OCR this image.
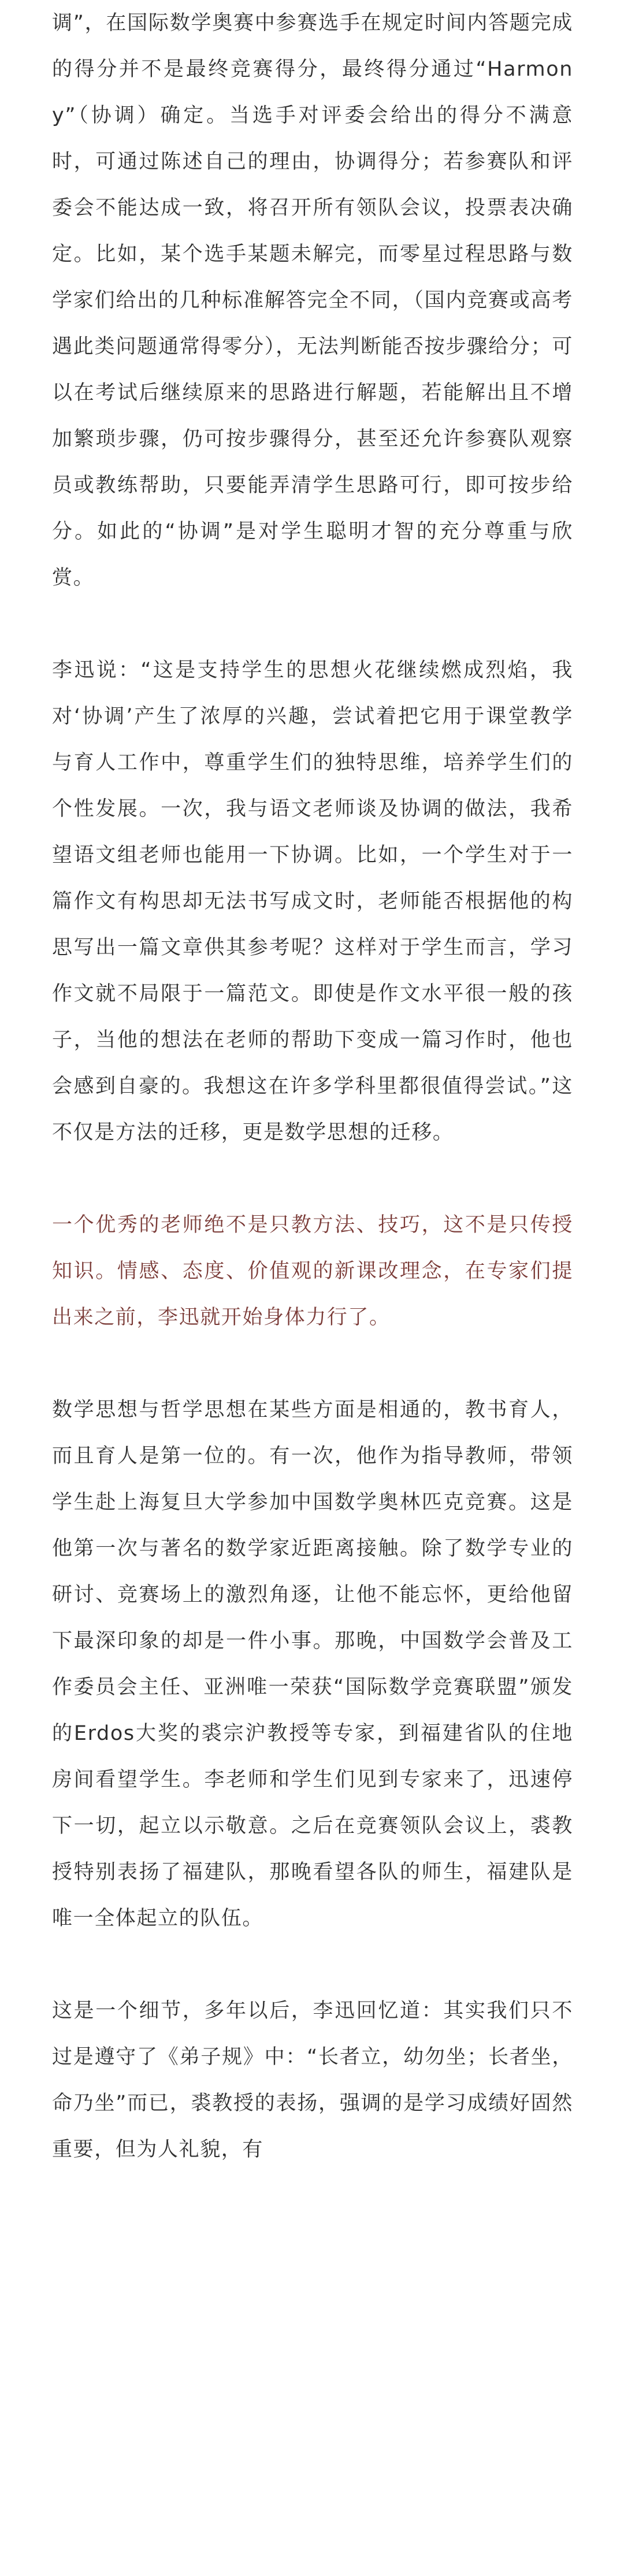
调”，在国际数学奥赛中参赛选手在规定时间内答题完成的得分并不是最终竞赛得分，最终得分通过“Harmony”（协调）确定。当选手对评委会给出的得分不满意时，可通过陈述自己的理由，协调得分；若参赛队和评委会不能达成一致，将召开所有领队会议，投票表决确定。比如，某个选手某题未解完，而零星过程思路与数学家们给出的几种标准解答完全不同，（国内竞赛或高考遇此类问题通常得零分），无法判断能否按步骤给分；可以在考试后继续原来的思路进行解题，若能解出且不增加繁琐步骤，仍可按步骤得分，甚至还允许参赛队观察员或教练帮助，只要能弄清学生思路可行，即可按步给分。如此的“协调”是对学生聪明才智的充分尊重与欣赏。

李迅说：“这是支持学生的思想火花继续燃成烈焰，我对‘协调’产生了浓厚的兴趣，尝试着把它用于课堂教学与育人工作中，尊重学生们的独特思维，培养学生们的个性发展。一次，我与语文老师谈及协调的做法，我希望语文组老师也能用一下协调。比如，一个学生对于一篇作文有构思却无法书写成文时，老师能否根据他的构思写出一篇文章供其参考呢？这样对于学生而言，学习作文就不局限于一篇范文。即使是作文水平很一般的孩子，当他的想法在老师的帮助下变成一篇习作时，他也会感到自豪的。我想这在许多学科里都很值得尝试。”这不仅是方法的迁移，更是数学思想的迁移。

一个优秀的老师绝不是只教方法、技巧，这不是只传授知识。情感、态度、价值观的新课改理念，在专家们提出来之前，李迅就开始身体力行了。

数学思想与哲学思想在某些方面是相通的，教书育人，而且育人是第一位的。有一次，他作为指导教师，带领学生赴上海复旦大学参加中国数学奥林匹克竞赛。这是他第一次与著名的数学家近距离接触。除了数学专业的研讨、竞赛场上的激烈角逐，让他不能忘怀，更给他留下最深印象的却是一件小事。那晚，中国数学会普及工作委员会主任、亚洲唯一荣获“国际数学竞赛联盟”颁发的Erdos大奖的裘宗沪教授等专家，到福建省队的住地房间看望学生。李老师和学生们见到专家来了，迅速停下一切，起立以示敬意。之后在竞赛领队会议上，裘教授特别表扬了福建队，那晚看望各队的师生，福建队是唯一全体起立的队伍。

这是一个细节，多年以后，李迅回忆道：其实我们只不过是遵守了《弟子规》中：“长者立，幼勿坐；长者坐，命乃坐”而已，裘教授的表扬，强调的是学习成绩好固然重要，但为人礼貌，有
